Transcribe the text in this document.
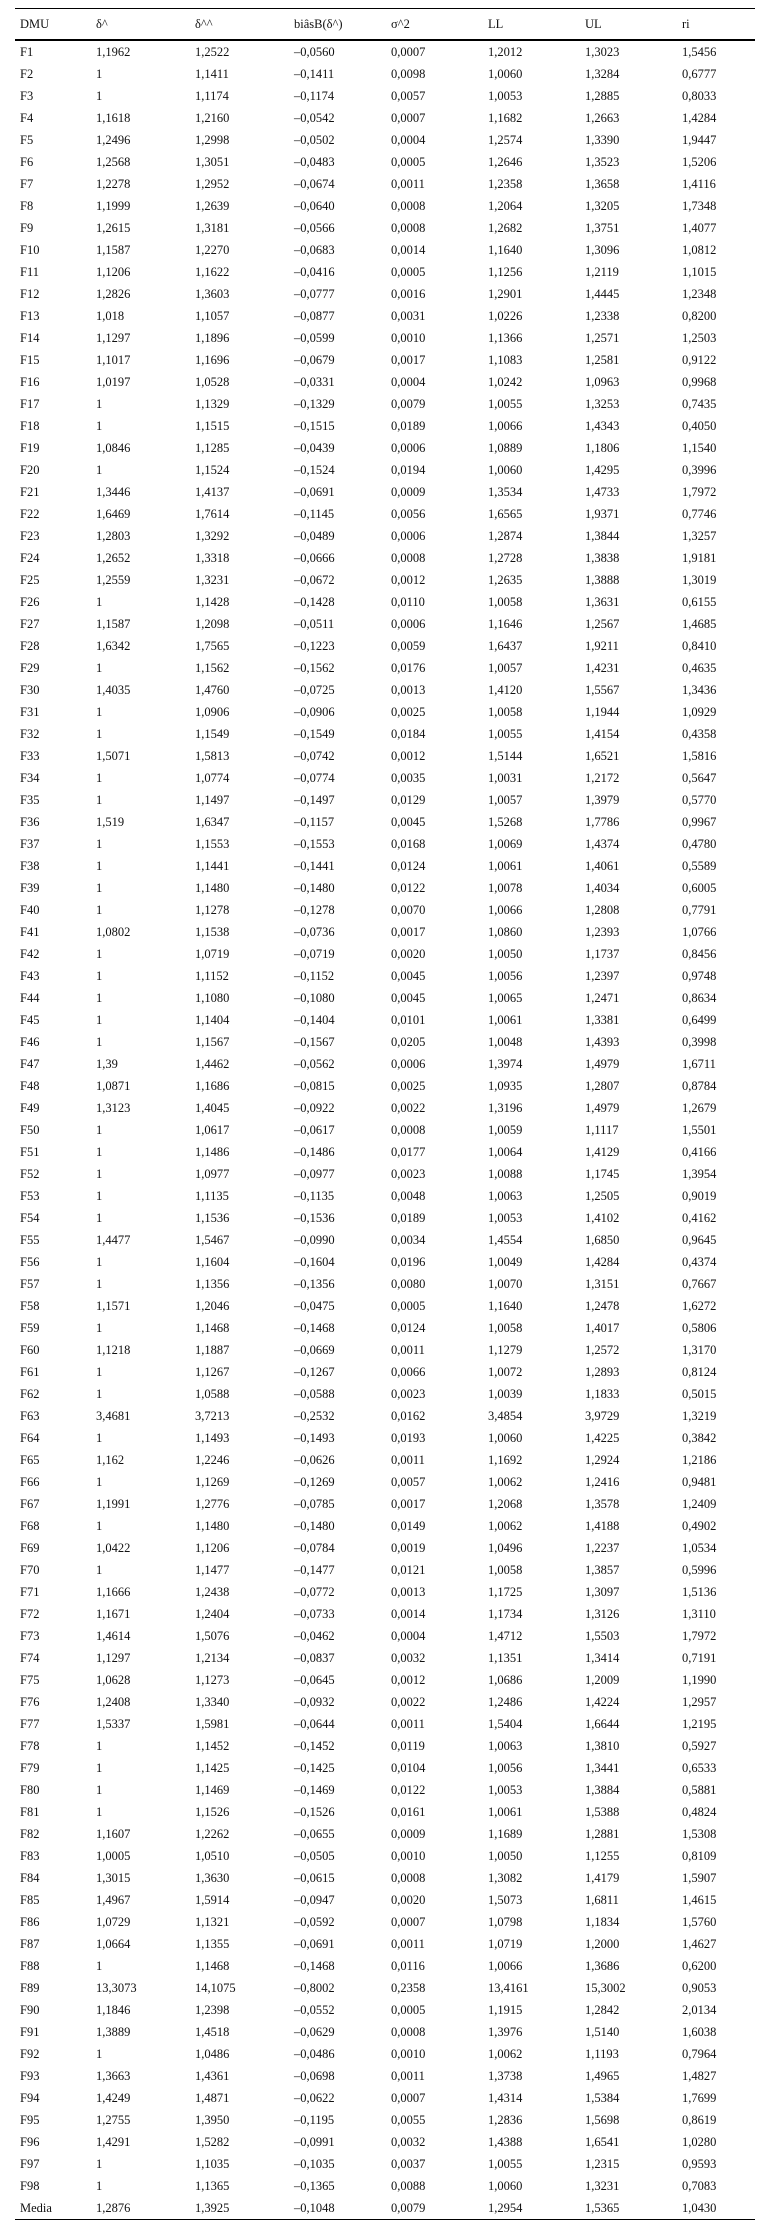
DMU	δ^	δ^^	biâsB(δ^)	σ^2	LL	UL	ri
F1	1,1962	1,2522	–0,0560	0,0007	1,2012	1,3023	1,5456
F2	1	1,1411	–0,1411	0,0098	1,0060	1,3284	0,6777
F3	1	1,1174	–0,1174	0,0057	1,0053	1,2885	0,8033
F4	1,1618	1,2160	–0,0542	0,0007	1,1682	1,2663	1,4284
F5	1,2496	1,2998	–0,0502	0,0004	1,2574	1,3390	1,9447
F6	1,2568	1,3051	–0,0483	0,0005	1,2646	1,3523	1,5206
F7	1,2278	1,2952	–0,0674	0,0011	1,2358	1,3658	1,4116
F8	1,1999	1,2639	–0,0640	0,0008	1,2064	1,3205	1,7348
F9	1,2615	1,3181	–0,0566	0,0008	1,2682	1,3751	1,4077
F10	1,1587	1,2270	–0,0683	0,0014	1,1640	1,3096	1,0812
F11	1,1206	1,1622	–0,0416	0,0005	1,1256	1,2119	1,1015
F12	1,2826	1,3603	–0,0777	0,0016	1,2901	1,4445	1,2348
F13	1,018	1,1057	–0,0877	0,0031	1,0226	1,2338	0,8200
F14	1,1297	1,1896	–0,0599	0,0010	1,1366	1,2571	1,2503
F15	1,1017	1,1696	–0,0679	0,0017	1,1083	1,2581	0,9122
F16	1,0197	1,0528	–0,0331	0,0004	1,0242	1,0963	0,9968
F17	1	1,1329	–0,1329	0,0079	1,0055	1,3253	0,7435
F18	1	1,1515	–0,1515	0,0189	1,0066	1,4343	0,4050
F19	1,0846	1,1285	–0,0439	0,0006	1,0889	1,1806	1,1540
F20	1	1,1524	–0,1524	0,0194	1,0060	1,4295	0,3996
F21	1,3446	1,4137	–0,0691	0,0009	1,3534	1,4733	1,7972
F22	1,6469	1,7614	–0,1145	0,0056	1,6565	1,9371	0,7746
F23	1,2803	1,3292	–0,0489	0,0006	1,2874	1,3844	1,3257
F24	1,2652	1,3318	–0,0666	0,0008	1,2728	1,3838	1,9181
F25	1,2559	1,3231	–0,0672	0,0012	1,2635	1,3888	1,3019
F26	1	1,1428	–0,1428	0,0110	1,0058	1,3631	0,6155
F27	1,1587	1,2098	–0,0511	0,0006	1,1646	1,2567	1,4685
F28	1,6342	1,7565	–0,1223	0,0059	1,6437	1,9211	0,8410
F29	1	1,1562	–0,1562	0,0176	1,0057	1,4231	0,4635
F30	1,4035	1,4760	–0,0725	0,0013	1,4120	1,5567	1,3436
F31	1	1,0906	–0,0906	0,0025	1,0058	1,1944	1,0929
F32	1	1,1549	–0,1549	0,0184	1,0055	1,4154	0,4358
F33	1,5071	1,5813	–0,0742	0,0012	1,5144	1,6521	1,5816
F34	1	1,0774	–0,0774	0,0035	1,0031	1,2172	0,5647
F35	1	1,1497	–0,1497	0,0129	1,0057	1,3979	0,5770
F36	1,519	1,6347	–0,1157	0,0045	1,5268	1,7786	0,9967
F37	1	1,1553	–0,1553	0,0168	1,0069	1,4374	0,4780
F38	1	1,1441	–0,1441	0,0124	1,0061	1,4061	0,5589
F39	1	1,1480	–0,1480	0,0122	1,0078	1,4034	0,6005
F40	1	1,1278	–0,1278	0,0070	1,0066	1,2808	0,7791
F41	1,0802	1,1538	–0,0736	0,0017	1,0860	1,2393	1,0766
F42	1	1,0719	–0,0719	0,0020	1,0050	1,1737	0,8456
F43	1	1,1152	–0,1152	0,0045	1,0056	1,2397	0,9748
F44	1	1,1080	–0,1080	0,0045	1,0065	1,2471	0,8634
F45	1	1,1404	–0,1404	0,0101	1,0061	1,3381	0,6499
F46	1	1,1567	–0,1567	0,0205	1,0048	1,4393	0,3998
F47	1,39	1,4462	–0,0562	0,0006	1,3974	1,4979	1,6711
F48	1,0871	1,1686	–0,0815	0,0025	1,0935	1,2807	0,8784
F49	1,3123	1,4045	–0,0922	0,0022	1,3196	1,4979	1,2679
F50	1	1,0617	–0,0617	0,0008	1,0059	1,1117	1,5501
F51	1	1,1486	–0,1486	0,0177	1,0064	1,4129	0,4166
F52	1	1,0977	–0,0977	0,0023	1,0088	1,1745	1,3954
F53	1	1,1135	–0,1135	0,0048	1,0063	1,2505	0,9019
F54	1	1,1536	–0,1536	0,0189	1,0053	1,4102	0,4162
F55	1,4477	1,5467	–0,0990	0,0034	1,4554	1,6850	0,9645
F56	1	1,1604	–0,1604	0,0196	1,0049	1,4284	0,4374
F57	1	1,1356	–0,1356	0,0080	1,0070	1,3151	0,7667
F58	1,1571	1,2046	–0,0475	0,0005	1,1640	1,2478	1,6272
F59	1	1,1468	–0,1468	0,0124	1,0058	1,4017	0,5806
F60	1,1218	1,1887	–0,0669	0,0011	1,1279	1,2572	1,3170
F61	1	1,1267	–0,1267	0,0066	1,0072	1,2893	0,8124
F62	1	1,0588	–0,0588	0,0023	1,0039	1,1833	0,5015
F63	3,4681	3,7213	–0,2532	0,0162	3,4854	3,9729	1,3219
F64	1	1,1493	–0,1493	0,0193	1,0060	1,4225	0,3842
F65	1,162	1,2246	–0,0626	0,0011	1,1692	1,2924	1,2186
F66	1	1,1269	–0,1269	0,0057	1,0062	1,2416	0,9481
F67	1,1991	1,2776	–0,0785	0,0017	1,2068	1,3578	1,2409
F68	1	1,1480	–0,1480	0,0149	1,0062	1,4188	0,4902
F69	1,0422	1,1206	–0,0784	0,0019	1,0496	1,2237	1,0534
F70	1	1,1477	–0,1477	0,0121	1,0058	1,3857	0,5996
F71	1,1666	1,2438	–0,0772	0,0013	1,1725	1,3097	1,5136
F72	1,1671	1,2404	–0,0733	0,0014	1,1734	1,3126	1,3110
F73	1,4614	1,5076	–0,0462	0,0004	1,4712	1,5503	1,7972
F74	1,1297	1,2134	–0,0837	0,0032	1,1351	1,3414	0,7191
F75	1,0628	1,1273	–0,0645	0,0012	1,0686	1,2009	1,1990
F76	1,2408	1,3340	–0,0932	0,0022	1,2486	1,4224	1,2957
F77	1,5337	1,5981	–0,0644	0,0011	1,5404	1,6644	1,2195
F78	1	1,1452	–0,1452	0,0119	1,0063	1,3810	0,5927
F79	1	1,1425	–0,1425	0,0104	1,0056	1,3441	0,6533
F80	1	1,1469	–0,1469	0,0122	1,0053	1,3884	0,5881
F81	1	1,1526	–0,1526	0,0161	1,0061	1,5388	0,4824
F82	1,1607	1,2262	–0,0655	0,0009	1,1689	1,2881	1,5308
F83	1,0005	1,0510	–0,0505	0,0010	1,0050	1,1255	0,8109
F84	1,3015	1,3630	–0,0615	0,0008	1,3082	1,4179	1,5907
F85	1,4967	1,5914	–0,0947	0,0020	1,5073	1,6811	1,4615
F86	1,0729	1,1321	–0,0592	0,0007	1,0798	1,1834	1,5760
F87	1,0664	1,1355	–0,0691	0,0011	1,0719	1,2000	1,4627
F88	1	1,1468	–0,1468	0,0116	1,0066	1,3686	0,6200
F89	13,3073	14,1075	–0,8002	0,2358	13,4161	15,3002	0,9053
F90	1,1846	1,2398	–0,0552	0,0005	1,1915	1,2842	2,0134
F91	1,3889	1,4518	–0,0629	0,0008	1,3976	1,5140	1,6038
F92	1	1,0486	–0,0486	0,0010	1,0062	1,1193	0,7964
F93	1,3663	1,4361	–0,0698	0,0011	1,3738	1,4965	1,4827
F94	1,4249	1,4871	–0,0622	0,0007	1,4314	1,5384	1,7699
F95	1,2755	1,3950	–0,1195	0,0055	1,2836	1,5698	0,8619
F96	1,4291	1,5282	–0,0991	0,0032	1,4388	1,6541	1,0280
F97	1	1,1035	–0,1035	0,0037	1,0055	1,2315	0,9593
F98	1	1,1365	–0,1365	0,0088	1,0060	1,3231	0,7083
Media	1,2876	1,3925	–0,1048	0,0079	1,2954	1,5365	1,0430
